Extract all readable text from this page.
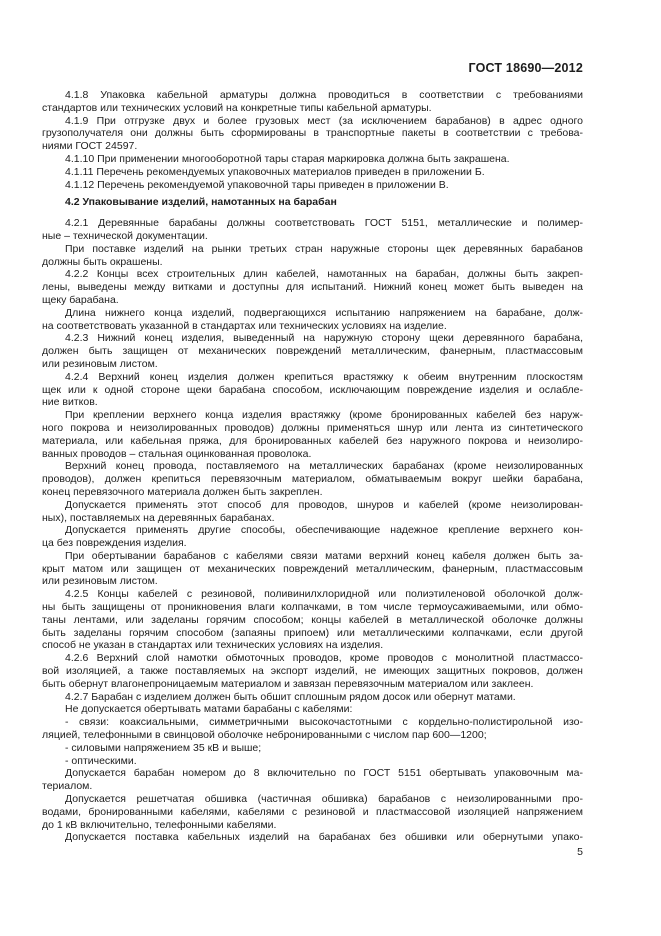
ГОСТ 18690—2012

4.1.8 Упаковка кабельной арматуры должна проводиться в соответствии с требованиями
стандартов или технических условий на конкретные типы кабельной арматуры.

4.1.9 При отгрузке двух и более грузовых мест (за исключением барабанов) в адрес одного
грузополучателя они должны быть сформированы в транспортные пакеты в соответствии с требова-
ниями ГОСТ 24597.

4.1.10 При применении многооборотной тары старая маркировка должна быть закрашена.

4.1.11 Перечень рекомендуемых упаковочных материалов приведен в приложении Б.

4.1.12 Перечень рекомендуемой упаковочной тары приведен в приложении В.

4.2 Упаковывание изделий, намотанных на барабан

4.2.1 Деревянные барабаны должны соответствовать ГОСТ 5151, металлические и полимер-
ные – технической документации.

При поставке изделий на рынки третьих стран наружные стороны щек деревянных барабанов
должны быть окрашены.

4.2.2 Концы всех строительных длин кабелей, намотанных на барабан, должны быть закреп-
лены, выведены между витками и доступны для испытаний. Нижний конец может быть выведен на
щеку барабана.

Длина нижнего конца изделий, подвергающихся испытанию напряжением на барабане, долж-
на соответствовать указанной в стандартах или технических условиях на изделие.

4.2.3 Нижний конец изделия, выведенный на наружную сторону щеки деревянного барабана,
должен быть защищен от механических повреждений металлическим, фанерным, пластмассовым
или резиновым листом.

4.2.4 Верхний конец изделия должен крепиться врастяжку к обеим внутренним плоскостям
щек или к одной стороне щеки барабана способом, исключающим повреждение изделия и ослабле-
ние витков.

При креплении верхнего конца изделия врастяжку (кроме бронированных кабелей без наруж-
ного покрова и неизолированных проводов) должны применяться шнур или лента из синтетического
материала, или кабельная пряжа, для бронированных кабелей без наружного покрова и неизолиро-
ванных проводов – стальная оцинкованная проволока.

Верхний конец провода, поставляемого на металлических барабанах (кроме неизолированных
проводов), должен крепиться перевязочным материалом, обматываемым вокруг шейки барабана,
конец перевязочного материала должен быть закреплен.

Допускается применять этот способ для проводов, шнуров и кабелей (кроме неизолирован-
ных), поставляемых на деревянных барабанах.

Допускается применять другие способы, обеспечивающие надежное крепление верхнего кон-
ца без повреждения изделия.

При обертывании барабанов с кабелями связи матами верхний конец кабеля должен быть за-
крыт матом или защищен от механических повреждений металлическим, фанерным, пластмассовым
или резиновым листом.

4.2.5 Концы кабелей с резиновой, поливинилхлоридной или полиэтиленовой оболочкой долж-
ны быть защищены от проникновения влаги колпачками, в том числе термоусаживаемыми, или обмо-
таны лентами, или заделаны горячим способом; концы кабелей в металлической оболочке должны
быть заделаны горячим способом (запаяны припоем) или металлическими колпачками, если другой
способ не указан в стандартах или технических условиях на изделия.

4.2.6 Верхний слой намотки обмоточных проводов, кроме проводов с монолитной пластмассо-
вой изоляцией, а также поставляемых на экспорт изделий, не имеющих защитных покровов, должен
быть обернут влагонепроницаемым материалом и завязан перевязочным материалом или заклеен.

4.2.7 Барабан с изделием должен быть обшит сплошным рядом досок или обернут матами.

Не допускается обертывать матами барабаны с кабелями:

- связи: коаксиальными, симметричными высокочастотными с кордельно-полистирольной изо-
ляцией, телефонными в свинцовой оболочке небронированными с числом пар 600—1200;

- силовыми напряжением 35 кВ и выше;

- оптическими.

Допускается барабан номером до 8 включительно по ГОСТ 5151 обертывать упаковочным ма-
териалом.

Допускается решетчатая обшивка (частичная обшивка) барабанов с неизолированными про-
водами, бронированными кабелями, кабелями с резиновой и пластмассовой изоляцией напряжением
до 1 кВ включительно, телефонными кабелями.

Допускается поставка кабельных изделий на барабанах без обшивки или обернутыми упако-

5
